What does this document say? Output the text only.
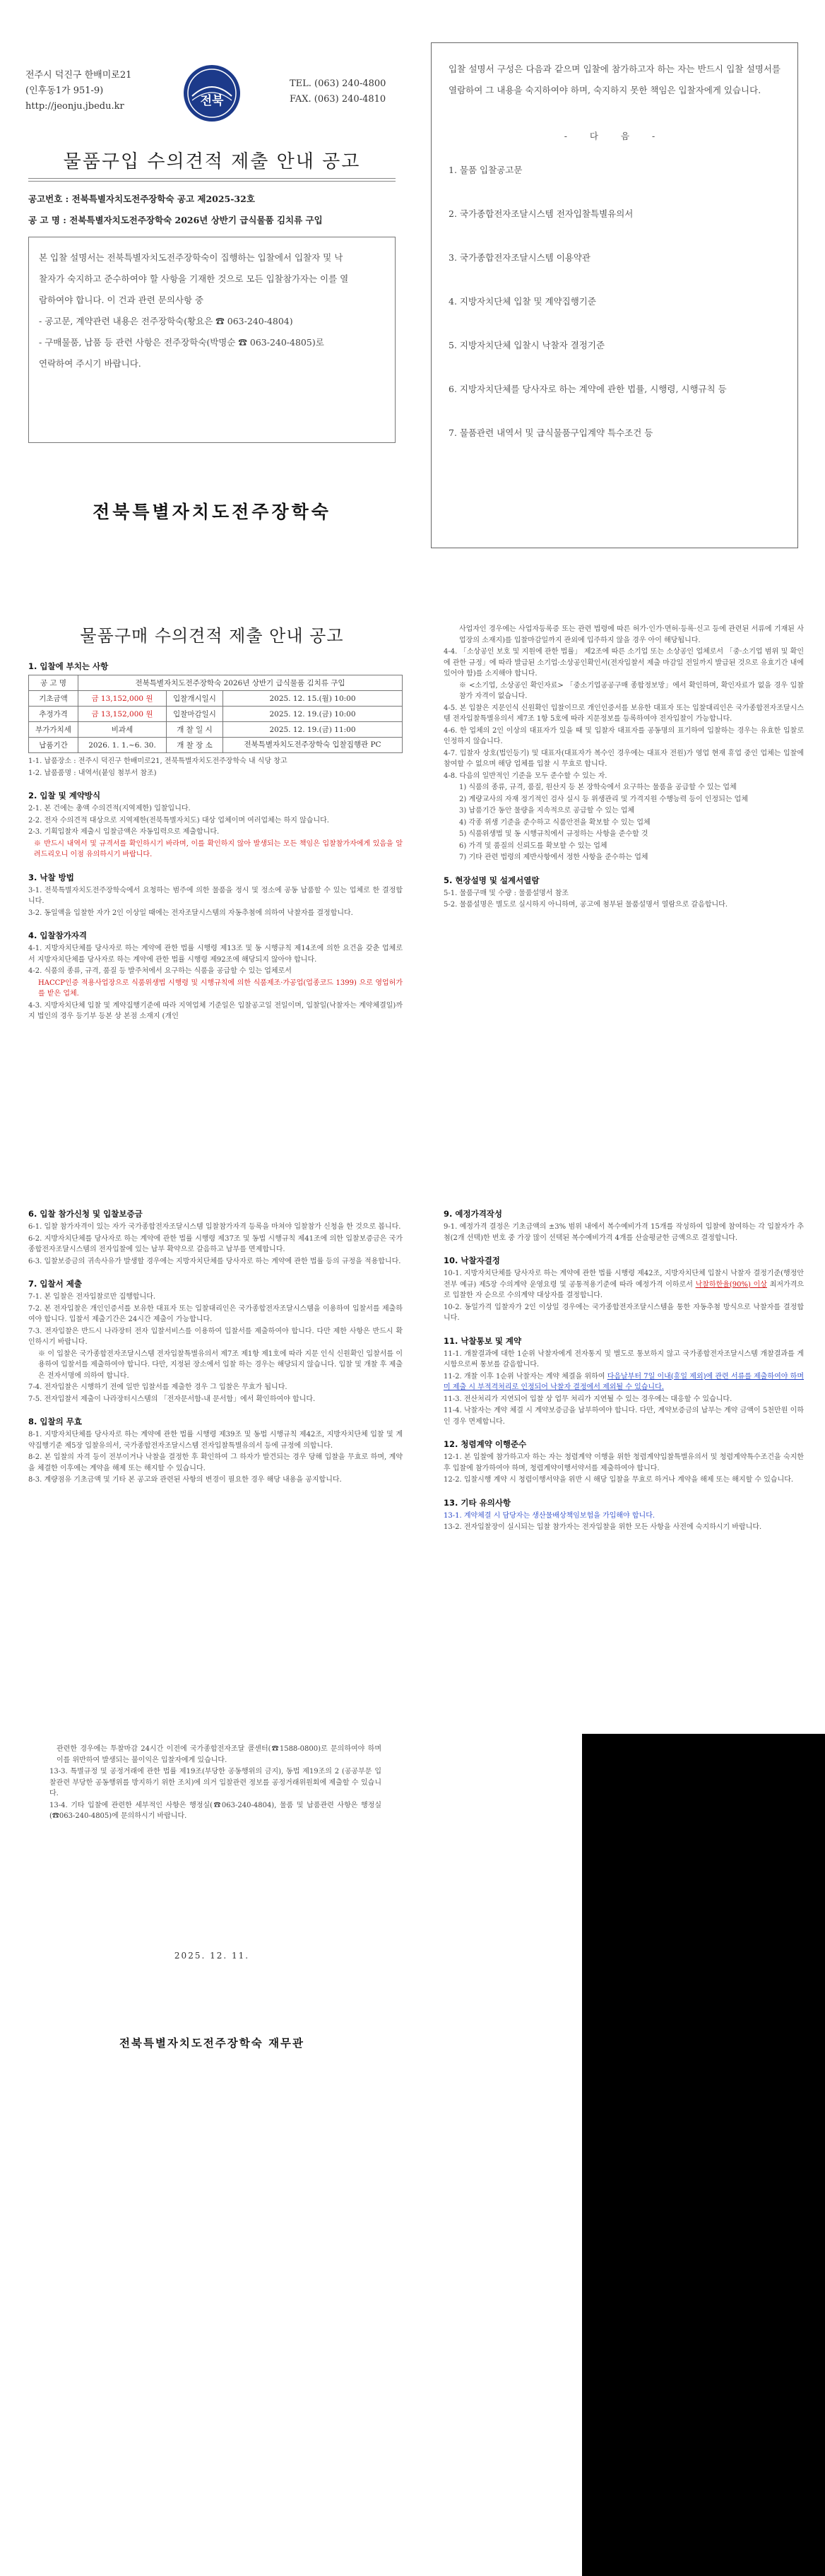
전주시 덕진구 한배미로21
(인후동1가 951-9)
http://jeonju.jbedu.kr	전북
TEL. (063) 240-4800
FAX. (063) 240-4810
물품구입 수의견적 제출 안내 공고
공고번호 : 전북특별자치도전주장학숙 공고 제2025-32호
공 고 명 : 전북특별자치도전주장학숙 2026년 상반기 급식물품 김치류 구입
본 입찰 설명서는 전북특별자치도전주장학숙이 집행하는 입찰에서 입찰자 및 낙
찰자가 숙지하고 준수하여야 할 사항을 기재한 것으로 모든 입찰참가자는 이를 열
람하여야 합니다. 이 건과 관련 문의사항 중
- 공고문, 계약관련 내용은 전주장학숙(황요은 ☎ 063-240-4804)
- 구매물품, 납품 등 관련 사항은 전주장학숙(박명순 ☎ 063-240-4805)로
연락하여 주시기 바랍니다.
전북특별자치도전주장학숙
입찰 설명서 구성은 다음과 같으며 입찰에 참가하고자 하는 자는 반드시 입찰 설명서를 열람하여 그 내용을 숙지하여야 하며, 숙지하지 못한 책임은 입찰자에게 있습니다.
- 다 음 -
1. 물품 입찰공고문
2. 국가종합전자조달시스템 전자입찰특별유의서
3. 국가종합전자조달시스템 이용약관
4. 지방자치단체 입찰 및 계약집행기준
5. 지방자치단체 입찰시 낙찰자 결정기준
6. 지방자치단체를 당사자로 하는 계약에 관한 법률, 시행령, 시행규칙 등
7. 물품관련 내역서 및 급식물품구입계약 특수조건 등
물품구매 수의견적 제출 안내 공고
1. 입찰에 부치는 사항
공 고 명	전북특별자치도전주장학숙 2026년 상반기 급식물품 김치류 구입		
기초금액	금 13,152,000 원	입찰개시일시	2025. 12. 15.(월) 10:00
추정가격	금 13,152,000 원	입찰마감일시	2025. 12. 19.(금) 10:00
부가가치세	비과세	개 찰 일 시	2025. 12. 19.(금) 11:00
납품기간	2026. 1. 1.~6. 30.	개 찰 장 소	전북특별자치도전주장학숙 입찰집행관 PC

1-1. 납품장소 : 전주시 덕진구 한배미로21, 전북특별자치도전주장학숙 내 식당 창고

1-2. 납품품명 : 내역서(붙임 첨부서 참조)

2. 입찰 및 계약방식

2-1. 본 건에는 총액 수의견적(지역제한) 입찰입니다.

2-2. 전자 수의견적 대상으로 지역제한(전북특별자치도) 대상 업체이며 여러업체는 하지 않습니다.

2-3. 기획입찰자 제출시 입찰금액은 자동입력으로 제출합니다.

※ 반드시 내역서 및 규격서를 확인하시기 바라며, 이를 확인하지 않아 발생되는 모든 책임은 입찰참가자에게 있음을 알려드리오니 이점 유의하시기 바랍니다.

3. 낙찰 방법

3-1. 전북특별자치도전주장학숙에서 요청하는 범주에 의한 물품을 정시 및 정소에 공동 납품할 수 있는 업체로 한 결정합니다.

3-2. 동일액을 입찰한 자가 2인 이상일 때에는 전자조달시스템의 자동추첨에 의하여 낙찰자를 결정합니다.

4. 입찰참가자격

4-1. 지방자치단체를 당사자로 하는 계약에 관한 법률 시행령 제13조 및 동 시행규칙 제14조에 의한 요건을 갖춘 업체로서 지방자치단체를 당사자로 하는 계약에 관한 법률 시행령 제92조에 해당되지 않아야 합니다.

4-2. 식품의 종류, 규격, 품질 등 발주처에서 요구하는 식품을 공급할 수 있는 업체로서

HACCP인증 적용사업장으로 식품위생법 시행령 및 시행규칙에 의한 식품제조·가공업(업종코드 1399) 으로 영업허가를 받은 업체.

4-3. 지방자치단체 입찰 및 계약집행기준에 따라 지역업체 기준일은 입찰공고일 전일이며, 입찰일(낙찰자는 계약체결일)까지 법인의 경우 등기부 등본 상 본점 소재지 (개인

사업자인 경우에는 사업자등록증 또는 관련 법령에 따른 허가·인가·면허·등록·신고 등에 관련된 서류에 기재된 사업장의 소재지)를 입찰마감일까지 관외에 입주하지 않을 경우 아이 해당됩니다.

4-4. 「소상공인 보호 및 지원에 관한 법률」 제2조에 따른 소기업 또는 소상공인 업체로서 「중·소기업 범위 및 확인에 관한 규정」에 따라 발급된 소기업·소상공인확인서(전자입찰서 제출 마감일 전일까지 발급된 것으로 유효기간 내에 있어야 함)를 소지해야 합니다.

※ <소기업, 소상공인 확인자료> 「중소기업공공구매 종합정보망」에서 확인하며, 확인자료가 없을 경우 입찰참가 자격이 없습니다.

4-5. 본 입찰은 지문인식 신원확인 입찰이므로 개인인증서를 보유한 대표자 또는 입찰대리인은 국가종합전자조달시스템 전자입찰특별유의서 제7조 1항 5호에 따라 지문정보를 등록하여야 전자입찰이 가능합니다.

4-6. 한 업체의 2인 이상의 대표자가 있을 때 및 입찰자 대표자를 공동명의 표기하여 입찰하는 경우는 유효한 입찰로 인정하지 않습니다.

4-7. 입찰자 상호(법인등기) 및 대표자(대표자가 복수인 경우에는 대표자 전원)가 영업 현재 휴업 중인 업체는 입찰에 참여할 수 없으며 해당 업체를 입찰 시 무효로 합니다.

4-8. 다음의 일반적인 기준을 모두 준수할 수 있는 자.

1) 식품의 종류, 규격, 품질, 원산지 등 본 장학숙에서 요구하는 물품을 공급할 수 있는 업체

2) 계량교사의 자재 정기적인 검사 실시 등 위생관리 및 가격지원 수행능력 등이 인정되는 업체

3) 납품기간 동안 물량을 지속적으로 공급할 수 있는 업체

4) 각종 위생 기준을 준수하고 식품안전을 확보할 수 있는 업체

5) 식품위생법 및 동 시행규칙에서 규정하는 사항을 준수할 것

6) 가격 및 품질의 신뢰도를 확보할 수 있는 업체

7) 기타 관련 법령의 제반사항에서 정한 사항을 준수하는 업체

5. 현장설명 및 설계서열람

5-1. 물품구매 및 수량 : 물품설명서 참조

5-2. 물품설명은 별도로 실시하지 아니하며, 공고에 첨부된 물품설명서 열람으로 갈음합니다.

6. 입찰 참가신청 및 입찰보증금

6-1. 입찰 참가자격이 있는 자가 국가종합전자조달시스템 입찰참가자격 등록을 마쳐야 입찰참가 신청을 한 것으로 봅니다.

6-2. 지방자치단체를 당사자로 하는 계약에 관한 법률 시행령 제37조 및 동법 시행규칙 제41조에 의한 입찰보증금은 국가종합전자조달시스템의 전자입찰에 있는 납부 확약으로 갈음하고 납부를 면제합니다.

6-3. 입찰보증금의 귀속사유가 발생할 경우에는 지방자치단체를 당사자로 하는 계약에 관한 법률 등의 규정을 적용합니다.

7. 입찰서 제출

7-1. 본 입찰은 전자입찰로만 집행합니다.

7-2. 본 전자입찰은 개인인증서를 보유한 대표자 또는 입찰대리인은 국가종합전자조달시스템을 이용하여 입찰서를 제출하여야 합니다. 입찰서 제출기간은 24시간 제출이 가능합니다.

7-3. 전자입찰은 반드시 나라장터 전자 입찰서비스를 이용하여 입찰서를 제출하여야 합니다. 다만 제한 사항은 반드시 확인하시기 바랍니다.

※ 이 입찰은 국가종합전자조달시스템 전자입찰특별유의서 제7조 제1항 제1호에 따라 지문 인식 신원확인 입찰서를 이용하여 입찰서를 제출하여야 합니다. 다만, 지정된 장소에서 입찰 하는 경우는 해당되지 않습니다. 입찰 및 개찰 후 제출은 전자서명에 의하여 합니다.

7-4. 전자입찰은 시행하기 전에 일반 입찰서를 제출한 경우 그 입찰은 무효가 됩니다.

7-5. 전자입찰서 제출이 나라장터시스템의 「전자문서함-내 문서함」에서 확인하여야 합니다.

8. 입찰의 무효

8-1. 지방자치단체를 당사자로 하는 계약에 관한 법률 시행령 제39조 및 동법 시행규칙 제42조, 지방자치단체 입찰 및 계약집행기준 제5장 입찰유의서, 국가종합전자조달시스템 전자입찰특별유의서 등에 규정에 의합니다.

8-2. 본 입찰의 자격 등이 전부이거나 낙찰을 결정한 후 확인하여 그 하자가 발견되는 경우 당해 입찰을 무효로 하며, 계약을 체결한 이후에는 계약을 해제 또는 해지할 수 있습니다.

8-3. 계량점유 기초금액 및 기타 본 공고와 관련된 사항의 변경이 필요한 경우 해당 내용을 공지합니다.

9. 예정가격작성

9-1. 예정가격 결정은 기초금액의 ±3% 범위 내에서 복수예비가격 15개를 작성하여 입찰에 참여하는 각 입찰자가 추첨(2개 선택)한 번호 중 가장 많이 선택된 복수예비가격 4개를 산술평균한 금액으로 결정합니다.

10. 낙찰자결정

10-1. 지방자치단체를 당사자로 하는 계약에 관한 법률 시행령 제42조, 지방자치단체 입찰시 낙찰자 결정기준(행정안전부 예규) 제5장 수의계약 운영요령 및 공통적용기준에 따라 예정가격 이하로서 낙찰하한율(90%) 이상 최저가격으로 입찰한 자 순으로 수의계약 대상자를 결정합니다.

10-2. 동일가격 입찰자가 2인 이상일 경우에는 국가종합전자조달시스템을 통한 자동추첨 방식으로 낙찰자를 결정합니다.

11. 낙찰통보 및 계약

11-1. 개찰결과에 대한 1순위 낙찰자에게 전자통지 및 별도로 통보하지 않고 국가종합전자조달시스템 개찰결과를 게시함으로써 통보를 갈음합니다.

11-2. 개찰 이후 1순위 낙찰자는 계약 체결을 위하여 다음날부터 7일 이내(휴일 제외)에 관련 서류를 제출하여야 하며 미 제출 시 부적격처리로 인정되어 낙찰자 결정에서 제외될 수 있습니다.

11-3. 전산처리가 지연되어 입찰 상 업무 처리가 지연될 수 있는 경우에는 대응할 수 있습니다.

11-4. 낙찰자는 계약 체결 시 계약보증금을 납부하여야 합니다. 다만, 계약보증금의 납부는 계약 금액이 5천만원 이하인 경우 면제합니다.

12. 청렴계약 이행준수

12-1. 본 입찰에 참가하고자 하는 자는 청렴계약 이행을 위한 청렴계약입찰특별유의서 및 청렴계약특수조건을 숙지한 후 입찰에 참가하여야 하며, 청렴계약이행서약서를 제출하여야 합니다.

12-2. 입찰시행 계약 시 청렴이행서약을 위반 시 해당 입찰을 무효로 하거나 계약을 해제 또는 해지할 수 있습니다.

13. 기타 유의사항

13-1. 계약체결 시 담당자는 생산물배상책임보험을 가입해야 합니다.

13-2. 전자입찰장이 실시되는 입찰 참가자는 전자입찰을 위한 모든 사항을 사전에 숙지하시기 바랍니다.

관련한 경우에는 투찰마감 24시간 이전에 국가종합전자조달 콜센터(☎1588-0800)로 문의하여야 하며 이를 위반하여 발생되는 불이익은 입찰자에게 있습니다.

13-3. 특별규정 및 공정거래에 관한 법률 제19조(부당한 공동행위의 금지), 동법 제19조의 2 (공공부문 입찰관련 부당한 공동행위를 방지하기 위한 조치)에 의거 입찰관련 정보를 공정거래위원회에 제출할 수 있습니다.

13-4. 기타 입찰에 관련한 세부적인 사항은 행정실(☎063-240-4804), 물품 및 납품관련 사항은 행정실(☎063-240-4805)에 문의하시기 바랍니다.

2025. 12. 11.
전북특별자치도전주장학숙 재무관
